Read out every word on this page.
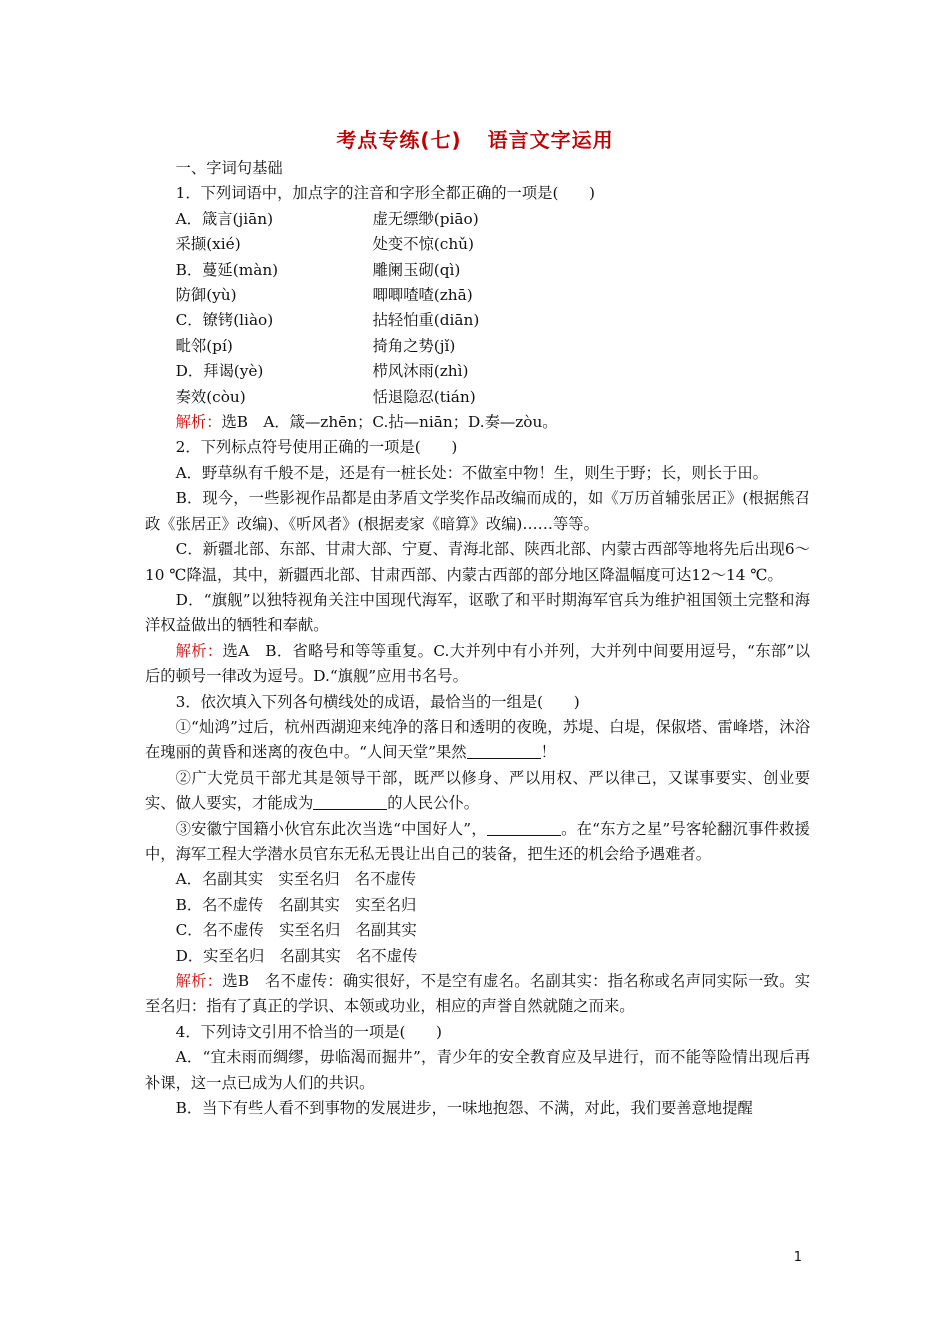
考点专练(七) 语言文字运用

一、字词句基础

1．下列词语中，加点字的注音和字形全都正确的一项是(　　)

A．箴言(jiān)	虚无缥缈(piāo)
采撷(xié)	处变不惊(chǔ)
B．蔓延(màn)	雕阑玉砌(qì)
防御(yù)	唧唧喳喳(zhā)
C．镣铐(liào)	拈轻怕重(diān)
毗邻(pí)	掎角之势(jǐ)
D．拜谒(yè)	栉风沐雨(zhì)
奏效(còu)	恬退隐忍(tián)

解析：选B　A．箴—zhēn；C.拈—niān；D.奏—zòu。

2．下列标点符号使用正确的一项是(　　)

A．野草纵有千般不是，还是有一桩长处：不做室中物！生，则生于野；长，则长于田。

B．现今，一些影视作品都是由茅盾文学奖作品改编而成的，如《万历首辅张居正》(根据熊召政《张居正》改编)、《听风者》(根据麦家《暗算》改编)……等等。

C．新疆北部、东部、甘肃大部、宁夏、青海北部、陕西北部、内蒙古西部等地将先后出现6～10 ℃降温，其中，新疆西北部、甘肃西部、内蒙古西部的部分地区降温幅度可达12～14 ℃。

D．“旗舰”以独特视角关注中国现代海军，讴歌了和平时期海军官兵为维护祖国领土完整和海洋权益做出的牺牲和奉献。

解析：选A　B．省略号和等等重复。C.大并列中有小并列，大并列中间要用逗号，“东部”以后的顿号一律改为逗号。D.“旗舰”应用书名号。

3．依次填入下列各句横线处的成语，最恰当的一组是(　　)

①“灿鸿”过后，杭州西湖迎来纯净的落日和透明的夜晚，苏堤、白堤，保俶塔、雷峰塔，沐浴在瑰丽的黄昏和迷离的夜色中。“人间天堂”果然	！

②广大党员干部尤其是领导干部，既严以修身、严以用权、严以律己，又谋事要实、创业要实、做人要实，才能成为	的人民公仆。

③安徽宁国籍小伙官东此次当选“中国好人”，	。在“东方之星”号客轮翻沉事件救援中，海军工程大学潜水员官东无私无畏让出自己的装备，把生还的机会给予遇难者。

A．名副其实　实至名归　名不虚传

B．名不虚传　名副其实　实至名归

C．名不虚传　实至名归　名副其实

D．实至名归　名副其实　名不虚传

解析：选B　名不虚传：确实很好，不是空有虚名。名副其实：指名称或名声同实际一致。实至名归：指有了真正的学识、本领或功业，相应的声誉自然就随之而来。

4．下列诗文引用不恰当的一项是(　　)

A．“宜未雨而绸缪，毋临渴而掘井”，青少年的安全教育应及早进行，而不能等险情出现后再补课，这一点已成为人们的共识。

B．当下有些人看不到事物的发展进步，一味地抱怨、不满，对此，我们要善意地提醒

1
